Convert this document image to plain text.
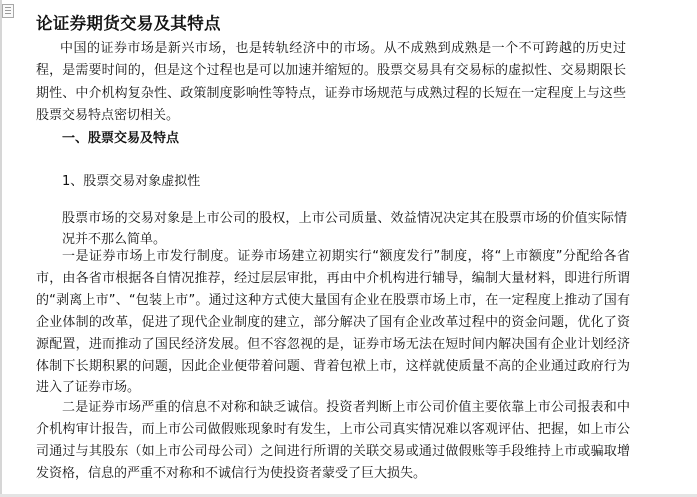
论证券期货交易及其特点

中国的证券市场是新兴市场，也是转轨经济中的市场。从不成熟到成熟是一个不可跨越的历史过程，是需要时间的，但是这个过程也是可以加速并缩短的。股票交易具有交易标的虚拟性、交易期限长期性、中介机构复杂性、政策制度影响性等特点，证券市场规范与成熟过程的长短在一定程度上与这些股票交易特点密切相关。

一、股票交易及特点

1、股票交易对象虚拟性

股票市场的交易对象是上市公司的股权，上市公司质量、效益情况决定其在股票市场的价值实际情况并不那么简单。

一是证券市场上市发行制度。证券市场建立初期实行“额度发行”制度，将“上市额度”分配给各省市，由各省市根据各自情况推荐，经过层层审批，再由中介机构进行辅导，编制大量材料，即进行所谓的“剥离上市”、“包装上市”。通过这种方式使大量国有企业在股票市场上市，在一定程度上推动了国有企业体制的改革，促进了现代企业制度的建立，部分解决了国有企业改革过程中的资金问题，优化了资源配置，进而推动了国民经济发展。但不容忽视的是，证券市场无法在短时间内解决国有企业计划经济体制下长期积累的问题，因此企业便带着问题、背着包袱上市，这样就使质量不高的企业通过政府行为进入了证券市场。

二是证券市场严重的信息不对称和缺乏诚信。投资者判断上市公司价值主要依靠上市公司报表和中介机构审计报告，而上市公司做假账现象时有发生，上市公司真实情况难以客观评估、把握，如上市公司通过与其股东（如上市公司母公司）之间进行所谓的关联交易或通过做假账等手段维持上市或骗取增发资格，信息的严重不对称和不诚信行为使投资者蒙受了巨大损失。
